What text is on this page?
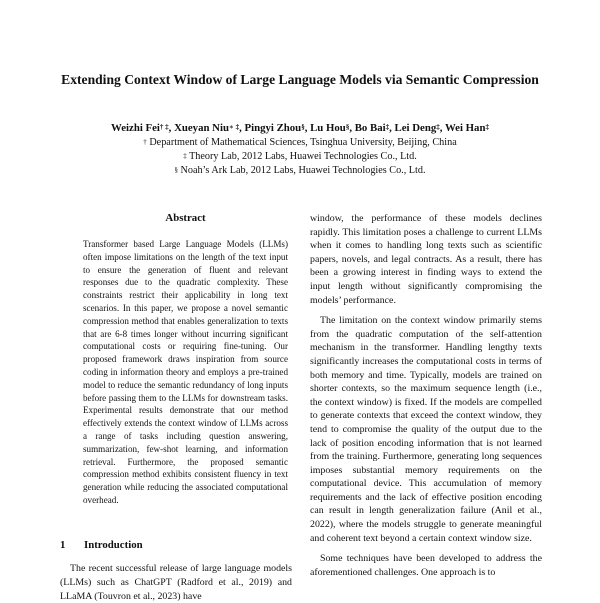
Extending Context Window of Large Language Models via Semantic Compression
Weizhi Fei† ‡, Xueyan Niu∗ ‡, Pingyi Zhou§, Lu Hou§, Bo Bai‡, Lei Deng‡, Wei Han‡
† Department of Mathematical Sciences, Tsinghua University, Beijing, China
‡ Theory Lab, 2012 Labs, Huawei Technologies Co., Ltd.
§ Noah’s Ark Lab, 2012 Labs, Huawei Technologies Co., Ltd.
Abstract
Transformer based Large Language Models (LLMs) often impose limitations on the length of the text input to ensure the generation of fluent and relevant responses due to the quadratic complexity. These constraints restrict their applicability in long text scenarios. In this paper, we propose a novel semantic compression method that enables generalization to texts that are 6-8 times longer without incurring significant computational costs or requiring fine-tuning. Our proposed framework draws inspiration from source coding in information theory and employs a pre-trained model to reduce the semantic redundancy of long inputs before passing them to the LLMs for downstream tasks. Experimental results demonstrate that our method effectively extends the context window of LLMs across a range of tasks including question answering, summarization, few-shot learning, and information retrieval. Furthermore, the proposed semantic compression method exhibits consistent fluency in text generation while reducing the associated computational overhead.
1 Introduction
The recent successful release of large language models (LLMs) such as ChatGPT (Radford et al., 2019) and LLaMA (Touvron et al., 2023) have

window, the performance of these models declines rapidly. This limitation poses a challenge to current LLMs when it comes to handling long texts such as scientific papers, novels, and legal contracts. As a result, there has been a growing interest in finding ways to extend the input length without significantly compromising the models’ performance.

The limitation on the context window primarily stems from the quadratic computation of the self-attention mechanism in the transformer. Handling lengthy texts significantly increases the computational costs in terms of both memory and time. Typically, models are trained on shorter contexts, so the maximum sequence length (i.e., the context window) is fixed. If the models are compelled to generate contexts that exceed the context window, they tend to compromise the quality of the output due to the lack of position encoding information that is not learned from the training. Furthermore, generating long sequences imposes substantial memory requirements on the computational device. This accumulation of memory requirements and the lack of effective position encoding can result in length generalization failure (Anil et al., 2022), where the models struggle to generate meaningful and coherent text beyond a certain context window size.

Some techniques have been developed to address the aforementioned challenges. One approach is to
